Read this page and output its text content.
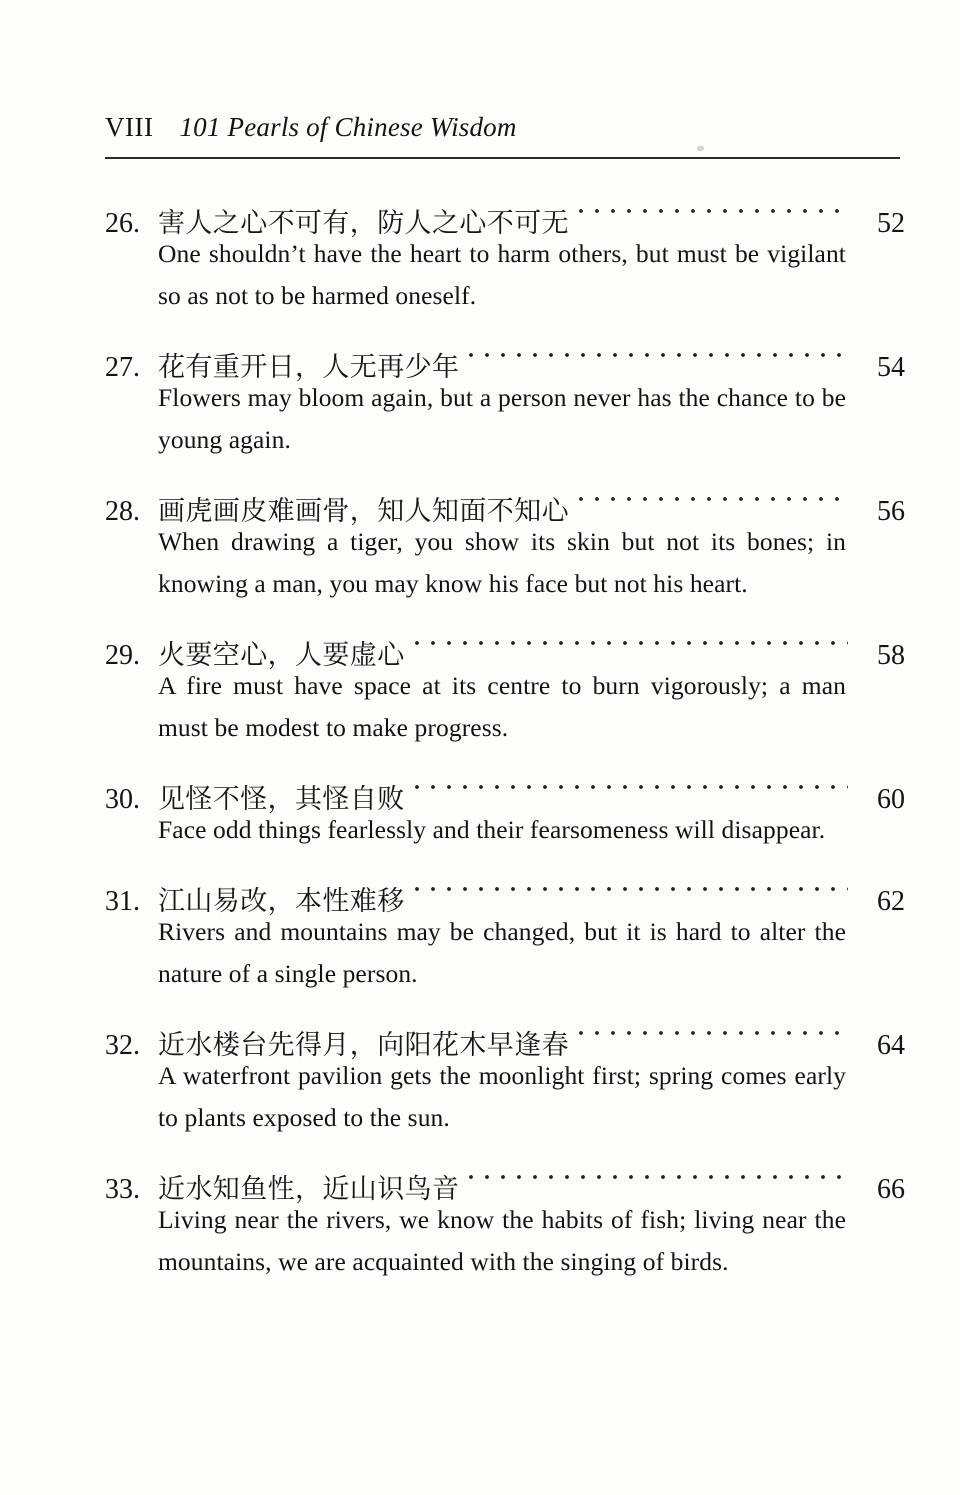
VIII 101 Pearls of Chinese Wisdom
26. 害人之心不可有，防人之心不可无	52
One shouldn’t have the heart to harm others, but must be vigilant so as not to be harmed oneself.
27. 花有重开日，人无再少年	54
Flowers may bloom again, but a person never has the chance to be young again.
28. 画虎画皮难画骨，知人知面不知心	56
When drawing a tiger, you show its skin but not its bones; in knowing a man, you may know his face but not his heart.
29. 火要空心，人要虚心	58
A fire must have space at its centre to burn vigorously; a man must be modest to make progress.
30. 见怪不怪，其怪自败	60
Face odd things fearlessly and their fearsomeness will disappear.
31. 江山易改，本性难移	62
Rivers and mountains may be changed, but it is hard to alter the nature of a single person.
32. 近水楼台先得月，向阳花木早逢春	64
A waterfront pavilion gets the moonlight first; spring comes early to plants exposed to the sun.
33. 近水知鱼性，近山识鸟音	66
Living near the rivers, we know the habits of fish; living near the mountains, we are acquainted with the singing of birds.
